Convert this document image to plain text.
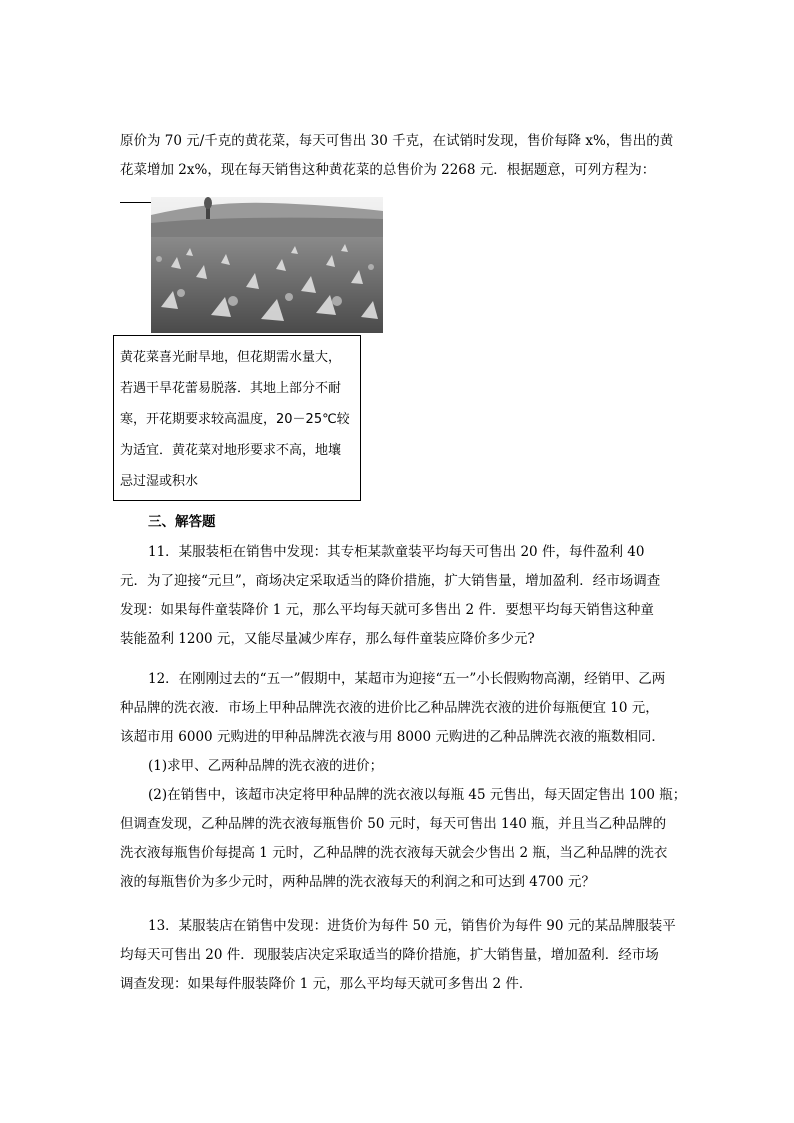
原价为 70 元/千克的黄花菜，每天可售出 30 千克，在试销时发现，售价每降 x%，售出的黄

花菜增加 2x%，现在每天销售这种黄花菜的总售价为 2268 元．根据题意，可列方程为：

黄花菜喜光耐旱地，但花期需水量大，

若遇干旱花蕾易脱落．其地上部分不耐

寒，开花期要求较高温度，20－25℃较

为适宜．黄花菜对地形要求不高，地壤

忌过湿或积水

三、解答题

11．某服装柜在销售中发现：其专柜某款童装平均每天可售出 20 件，每件盈利 40

元．为了迎接“元旦”，商场决定采取适当的降价措施，扩大销售量，增加盈利．经市场调查

发现：如果每件童装降价 1 元，那么平均每天就可多售出 2 件．要想平均每天销售这种童

装能盈利 1200 元，又能尽量减少库存，那么每件童装应降价多少元?

12．在刚刚过去的“五一”假期中，某超市为迎接“五一”小长假购物高潮，经销甲、乙两

种品牌的洗衣液．市场上甲种品牌洗衣液的进价比乙种品牌洗衣液的进价每瓶便宜 10 元，

该超市用 6000 元购进的甲种品牌洗衣液与用 8000 元购进的乙种品牌洗衣液的瓶数相同．

(1)求甲、乙两种品牌的洗衣液的进价；

(2)在销售中，该超市决定将甲种品牌的洗衣液以每瓶 45 元售出，每天固定售出 100 瓶；

但调查发现，乙种品牌的洗衣液每瓶售价 50 元时，每天可售出 140 瓶，并且当乙种品牌的

洗衣液每瓶售价每提高 1 元时，乙种品牌的洗衣液每天就会少售出 2 瓶，当乙种品牌的洗衣

液的每瓶售价为多少元时，两种品牌的洗衣液每天的利润之和可达到 4700 元？

13．某服装店在销售中发现：进货价为每件 50 元，销售价为每件 90 元的某品牌服装平

均每天可售出 20 件．现服装店决定采取适当的降价措施，扩大销售量，增加盈利．经市场

调查发现：如果每件服装降价 1 元，那么平均每天就可多售出 2 件．
